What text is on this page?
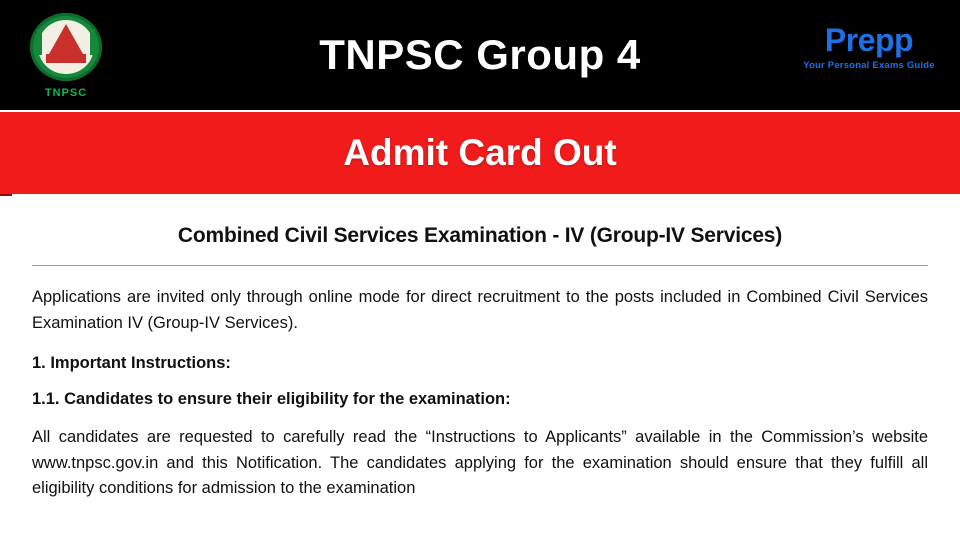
TNPSC Group 4
TNPSC
Prepp
Your Personal Exams Guide
Admit Card Out
Combined Civil Services Examination - IV (Group-IV Services)
Applications are invited only through online mode for direct recruitment to the posts included in Combined Civil Services Examination IV (Group-IV Services).
1. Important Instructions:
1.1. Candidates to ensure their eligibility for the examination:
All candidates are requested to carefully read the “Instructions to Applicants” available in the Commission’s website www.tnpsc.gov.in and this Notification. The candidates applying for the examination should ensure that they fulfill all eligibility conditions for admission to the examination
